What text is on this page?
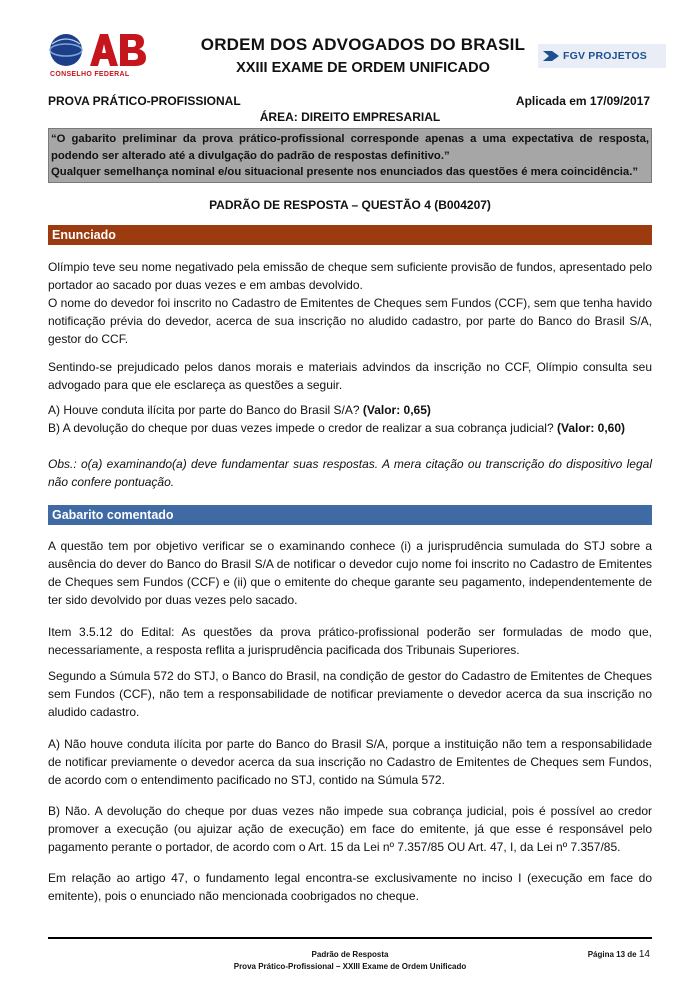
CONSELHO FEDERAL
ORDEM DOS ADVOGADOS DO BRASIL
XXIII EXAME DE ORDEM UNIFICADO
FGV PROJETOS
PROVA PRÁTICO-PROFISSIONAL	Aplicada em 17/09/2017
ÁREA: DIREITO EMPRESARIAL

“O gabarito preliminar da prova prático-profissional corresponde apenas a uma expectativa de resposta, podendo ser alterado até a divulgação do padrão de respostas definitivo.”

Qualquer semelhança nominal e/ou situacional presente nos enunciados das questões é mera coincidência.”

PADRÃO DE RESPOSTA – QUESTÃO 4 (B004207)
Enunciado
Olímpio teve seu nome negativado pela emissão de cheque sem suficiente provisão de fundos, apresentado pelo portador ao sacado por duas vezes e em ambas devolvido.
O nome do devedor foi inscrito no Cadastro de Emitentes de Cheques sem Fundos (CCF), sem que tenha havido notificação prévia do devedor, acerca de sua inscrição no aludido cadastro, por parte do Banco do Brasil S/A, gestor do CCF.
Sentindo-se prejudicado pelos danos morais e materiais advindos da inscrição no CCF, Olímpio consulta seu advogado para que ele esclareça as questões a seguir.
A) Houve conduta ilícita por parte do Banco do Brasil S/A? (Valor: 0,65)
B) A devolução do cheque por duas vezes impede o credor de realizar a sua cobrança judicial? (Valor: 0,60)
Obs.: o(a) examinando(a) deve fundamentar suas respostas. A mera citação ou transcrição do dispositivo legal não confere pontuação.
Gabarito comentado
A questão tem por objetivo verificar se o examinando conhece (i) a jurisprudência sumulada do STJ sobre a ausência do dever do Banco do Brasil S/A de notificar o devedor cujo nome foi inscrito no Cadastro de Emitentes de Cheques sem Fundos (CCF) e (ii) que o emitente do cheque garante seu pagamento, independentemente de ter sido devolvido por duas vezes pelo sacado.
Item 3.5.12 do Edital: As questões da prova prático-profissional poderão ser formuladas de modo que, necessariamente, a resposta reflita a jurisprudência pacificada dos Tribunais Superiores.
Segundo a Súmula 572 do STJ, o Banco do Brasil, na condição de gestor do Cadastro de Emitentes de Cheques sem Fundos (CCF), não tem a responsabilidade de notificar previamente o devedor acerca da sua inscrição no aludido cadastro.
A) Não houve conduta ilícita por parte do Banco do Brasil S/A, porque a instituição não tem a responsabilidade de notificar previamente o devedor acerca da sua inscrição no Cadastro de Emitentes de Cheques sem Fundos, de acordo com o entendimento pacificado no STJ, contido na Súmula 572.
B) Não. A devolução do cheque por duas vezes não impede sua cobrança judicial, pois é possível ao credor promover a execução (ou ajuizar ação de execução) em face do emitente, já que esse é responsável pelo pagamento perante o portador, de acordo com o Art. 15 da Lei nº 7.357/85 OU Art. 47, I, da Lei nº 7.357/85.
Em relação ao artigo 47, o fundamento legal encontra-se exclusivamente no inciso I (execução em face do emitente), pois o enunciado não mencionada coobrigados no cheque.
Padrão de Resposta
Prova Prático-Profissional – XXIII Exame de Ordem Unificado
Página 13 de 14
